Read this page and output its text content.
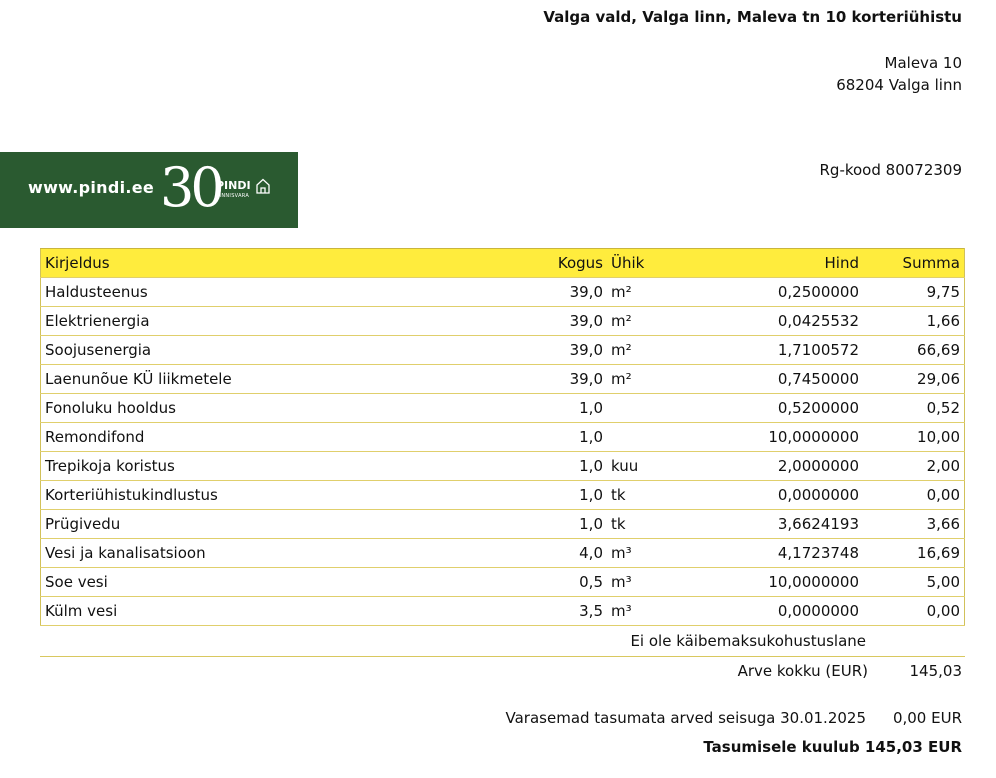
Valga vald, Valga linn, Maleva tn 10 korteriühistu
Maleva 10
68204 Valga linn
www.pindi.ee 30
PINDI
KINNISVARA
Rg-kood 80072309
Kirjeldus	Kogus	Ühik	Hind	Summa
Haldusteenus	39,0	m²	0,2500000	9,75
Elektrienergia	39,0	m²	0,0425532	1,66
Soojusenergia	39,0	m²	1,7100572	66,69
Laenunõue KÜ liikmetele	39,0	m²	0,7450000	29,06
Fonoluku hooldus	1,0		0,5200000	0,52
Remondifond	1,0		10,0000000	10,00
Trepikoja koristus	1,0	kuu	2,0000000	2,00
Korteriühistukindlustus	1,0	tk	0,0000000	0,00
Prügivedu	1,0	tk	3,6624193	3,66
Vesi ja kanalisatsioon	4,0	m³	4,1723748	16,69
Soe vesi	0,5	m³	10,0000000	5,00
Külm vesi	3,5	m³	0,0000000	0,00
Ei ole käibemaksukohustuslane
Arve kokku (EUR)	145,03
Varasemad tasumata arved seisuga 30.01.2025 0,00 EUR
Tasumisele kuulub 145,03 EUR
